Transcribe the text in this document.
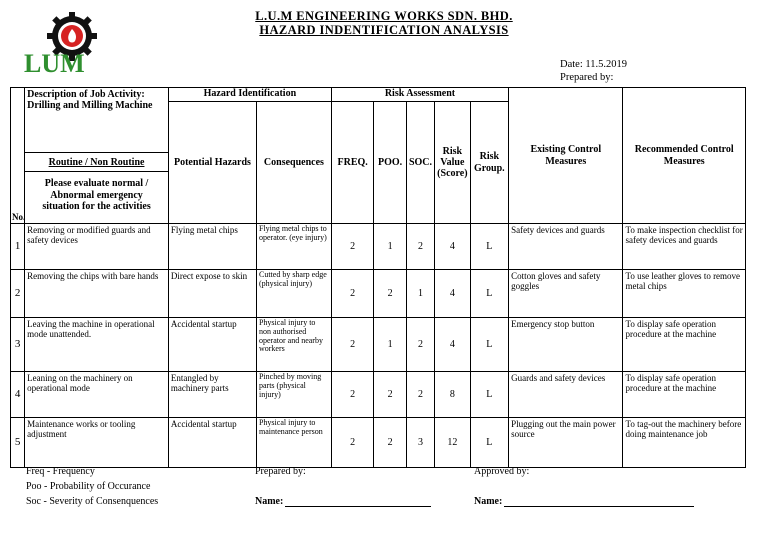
LUM
L.U.M ENGINEERING WORKS SDN. BHD.
HAZARD INDENTIFICATION ANALYSIS
Date: 11.5.2019
Prepared by:
No.	Description of Job Activity: Drilling and Milling Machine
Routine / Non Routine
Please evaluate normal / Abnormal emergency situation for the activities	Hazard Identification		Risk Assessment					Existing Control Measures	Recommended Control Measures
		Potential Hazards	Consequences	FREQ.	POO.	SOC.	Risk Value (Score)	Risk Group.		
1	Removing or modified guards and safety devices	Flying metal chips	Flying metal chips to operator. (eye injury)	2	1	2	4	L	Safety devices and guards	To make inspection checklist for safety devices and guards
2	Removing the chips with bare hands	Direct expose to skin	Cutted by sharp edge (physical injury)	2	2	1	4	L	Cotton gloves and safety goggles	To use leather gloves to remove metal chips
3	Leaving the machine in operational mode unattended.	Accidental startup	Physical injury to non authorised operator and nearby workers	2	1	2	4	L	Emergency stop button	To display safe operation procedure at the machine
4	Leaning on the machinery on operational mode	Entangled by machinery parts	Pinched by moving parts (physical injury)	2	2	2	8	L	Guards and safety devices	To display safe operation procedure at the machine
5	Maintenance works or tooling adjustment	Accidental startup	Physical injury to maintenance person	2	2	3	12	L	Plugging out the main power source	To tag-out the machinery before doing maintenance job
Freq - Frequency
Poo - Probability of Occurance
Soc - Severity of Consenquences
Prepared by:	Approved by:
Name:	Name:
